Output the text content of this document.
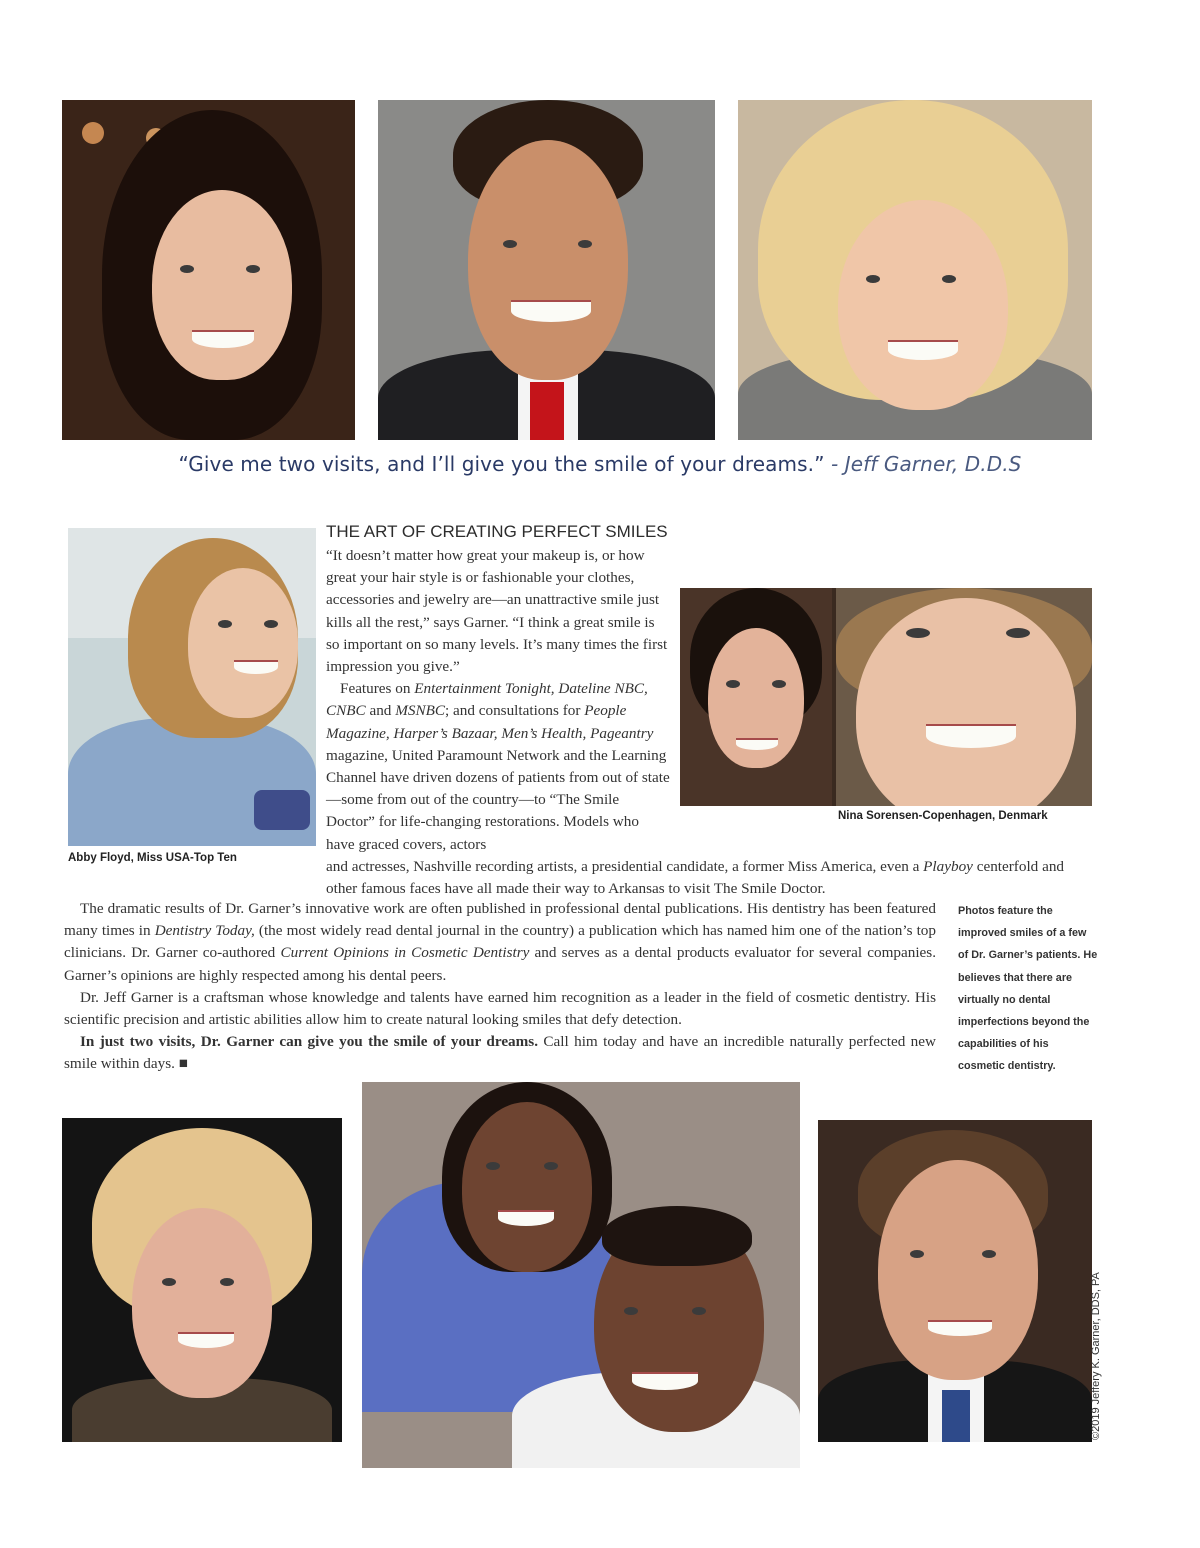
“Give me two visits, and I’ll give you the smile of your dreams.” - Jeff Garner, D.D.S
Abby Floyd, Miss USA-Top Ten
THE ART OF CREATING PERFECT SMILES

“It doesn’t matter how great your makeup is, or how great your hair style is or fashionable your clothes, accessories and jewelry are—an unattractive smile just kills all the rest,” says Garner. “I think a great smile is so important on so many levels. It’s many times the first impression you give.”

Features on Entertainment Tonight, Dateline NBC, CNBC and MSNBC; and consultations for People Magazine, Harper’s Bazaar, Men’s Health, Pageantry magazine, United Paramount Network and the Learning Channel have driven dozens of patients from out of state—some from out of the country—to “The Smile Doctor” for life-changing restorations. Models who have graced covers, actors

Nina Sorensen-Copenhagen, Denmark
and actresses, Nashville recording artists, a presidential candidate, a former Miss America, even a Playboy centerfold and other famous faces have all made their way to Arkansas to visit The Smile Doctor.

The dramatic results of Dr. Garner’s innovative work are often published in professional dental publications. His dentistry has been featured many times in Dentistry Today, (the most widely read dental journal in the country) a publication which has named him one of the nation’s top clinicians. Dr. Garner co-authored Current Opinions in Cosmetic Dentistry and serves as a dental products evaluator for several companies. Garner’s opinions are highly respected among his dental peers.

Dr. Jeff Garner is a craftsman whose knowledge and talents have earned him recognition as a leader in the field of cosmetic dentistry. His scientific precision and artistic abilities allow him to create natural looking smiles that defy detection.

In just two visits, Dr. Garner can give you the smile of your dreams. Call him today and have an incredible naturally perfected new smile within days. ■

Photos feature the improved smiles of a few of Dr. Garner’s patients. He believes that there are virtually no dental imperfections beyond the capabilities of his cosmetic dentistry.
©2019 Jeffery K. Garner, DDS, PA
